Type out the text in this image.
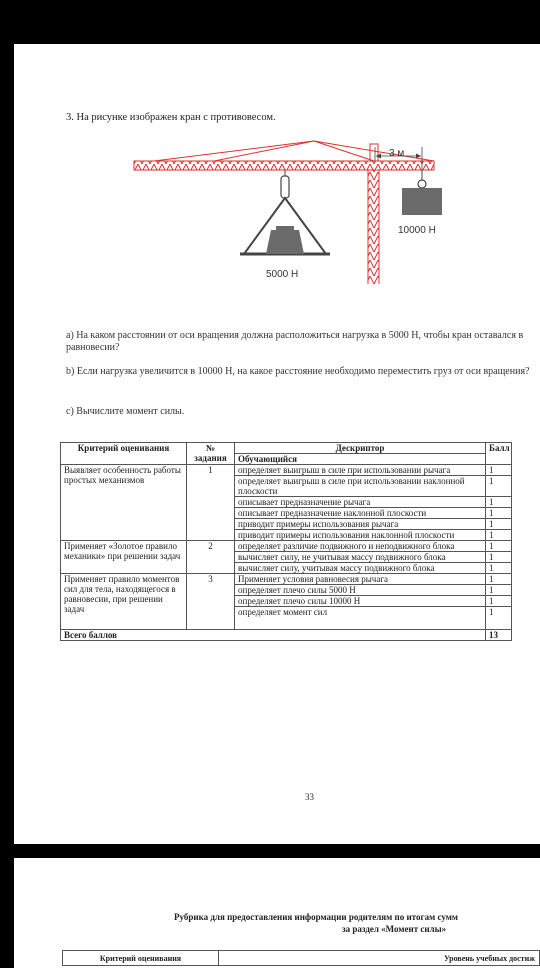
3. На рисунке изображен кран с противовесом.
3 м
10000 Н
5000 Н
а) На каком расстоянии от оси вращения должна расположиться нагрузка в 5000 Н, чтобы кран оставался в равновесии?
b) Если нагрузка увеличится в 10000 Н, на какое расстояние необходимо переместить груз от оси вращения?
c) Вычислите момент силы.
Критерий оценивания	№ задания	Дескриптор	Балл
		Обучающийся	
Выявляет особенность работы простых механизмов	1	определяет выигрыш в силе при использовании рычага	1
		определяет выигрыш в силе при использовании наклонной плоскости	1
		описывает предназначение рычага	1
		описывает предназначение наклонной плоскости	1
		приводит примеры использования рычага	1
		приводит примеры использования наклонной плоскости	1
Применяет «Золотое правило механики» при решении задач	2	определяет различие подвижного и неподвижного блока	1
		вычисляет силу, не учитывая массу подвижного блока	1
		вычисляет силу, учитывая массу подвижного блока	1
Применяет правило моментов сил для тела, находящегося в равновесии, при решении задач	3	Применяет условия равновесия рычага	1
		определяет плечо силы 5000 Н	1
		определяет плечо силы 10000 Н	1
		определяет момент сил	1
Всего баллов			13
33
Рубрика для предоставления информации родителям по итогам сумм
за раздел «Момент силы»
Критерий оценивания	Уровень учебных достиж
